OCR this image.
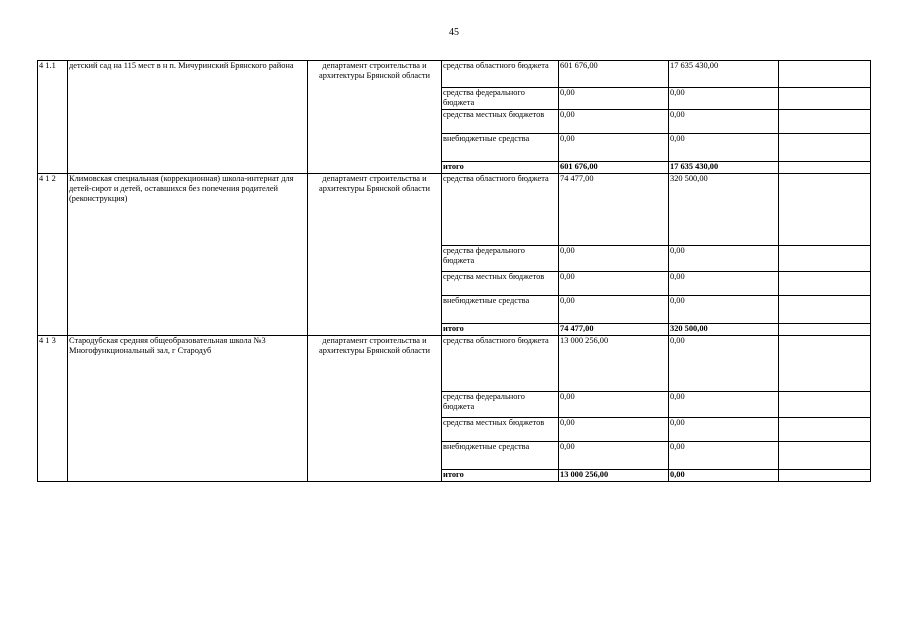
45
4 1.1	детский сад на 115 мест в н п. Мичуринский Брянского района	департамент строительства и
архитектуры Брянской области	средства областного бюджета	601 676,00	17 635 430,00	
			средства федерального бюджета	0,00	0,00	
			средства местных бюджетов	0,00	0,00	
			внебюджетные средства	0,00	0,00	
			итого	601 676,00	17 635 430,00	
4 1 2	Климовская специальная (коррекционная) школа-интернат для детей-сирот и детей, оставшихся без попечения родителей (реконструкция)	департамент строительства и
архитектуры Брянской области	средства областного бюджета	74 477,00	320 500,00	
			средства федерального бюджета	0,00	0,00	
			средства местных бюджетов	0,00	0,00	
			внебюджетные средства	0,00	0,00	
			итого	74 477,00	320 500,00	
4 1 3	Стародубская средняя общеобразовательная школа №3 Многофункциональный зал, г Стародуб	департамент строительства и
архитектуры Брянской области	средства областного бюджета	13 000 256,00	0,00	
			средства федерального бюджета	0,00	0,00	
			средства местных бюджетов	0,00	0,00	
			внебюджетные средства	0,00	0,00	
			итого	13 000 256,00	0,00	
